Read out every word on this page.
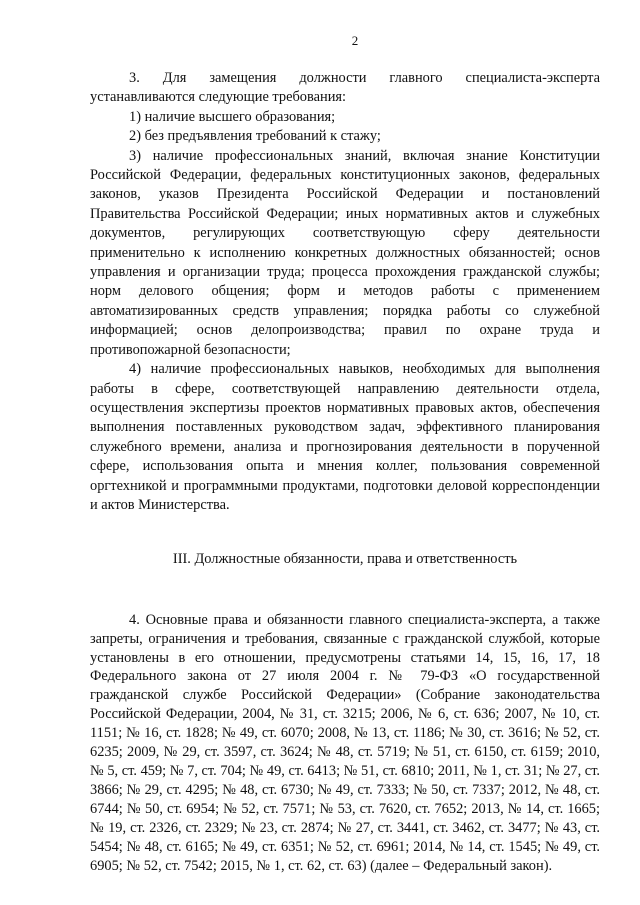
2

3. Для замещения должности главного специалиста-эксперта устанавливаются следующие требования:

1) наличие высшего образования;

2) без предъявления требований к стажу;

3) наличие профессиональных знаний, включая знание Конституции Российской Федерации, федеральных конституционных законов, федеральных законов, указов Президента Российской Федерации и постановлений Правительства Российской Федерации; иных нормативных актов и служебных документов, регулирующих соответствующую сферу деятельности применительно к исполнению конкретных должностных обязанностей; основ управления и организации труда; процесса прохождения гражданской службы; норм делового общения; форм и методов работы с применением автоматизированных средств управления; порядка работы со служебной информацией; основ делопроизводства; правил по охране труда и противопожарной безопасности;

4) наличие профессиональных навыков, необходимых для выполнения работы в сфере, соответствующей направлению деятельности отдела, осуществления экспертизы проектов нормативных правовых актов, обеспечения выполнения поставленных руководством задач, эффективного планирования служебного времени, анализа и прогнозирования деятельности в порученной сфере, использования опыта и мнения коллег, пользования современной оргтехникой и программными продуктами, подготовки деловой корреспонденции и актов Министерства.

III. Должностные обязанности, права и ответственность

4. Основные права и обязанности главного специалиста-эксперта, а также запреты, ограничения и требования, связанные с гражданской службой, которые установлены в его отношении, предусмотрены статьями 14, 15, 16, 17, 18 Федерального закона от 27 июля 2004 г. № 79-ФЗ «О государственной гражданской службе Российской Федерации» (Собрание законодательства Российской Федерации, 2004, № 31, ст. 3215; 2006, № 6, ст. 636; 2007, № 10, ст. 1151; № 16, ст. 1828; № 49, ст. 6070; 2008, № 13, ст. 1186; № 30, ст. 3616; № 52, ст. 6235; 2009, № 29, ст. 3597, ст. 3624; № 48, ст. 5719; № 51, ст. 6150, ст. 6159; 2010, № 5, ст. 459; № 7, ст. 704; № 49, ст. 6413; № 51, ст. 6810; 2011, № 1, ст. 31; № 27, ст. 3866; № 29, ст. 4295; № 48, ст. 6730; № 49, ст. 7333; № 50, ст. 7337; 2012, № 48, ст. 6744; № 50, ст. 6954; № 52, ст. 7571; № 53, ст. 7620, ст. 7652; 2013, № 14, ст. 1665; № 19, ст. 2326, ст. 2329; № 23, ст. 2874; № 27, ст. 3441, ст. 3462, ст. 3477; № 43, ст. 5454; № 48, ст. 6165; № 49, ст. 6351; № 52, ст. 6961; 2014, № 14, ст. 1545; № 49, ст. 6905; № 52, ст. 7542; 2015, № 1, ст. 62, ст. 63) (далее – Федеральный закон).
